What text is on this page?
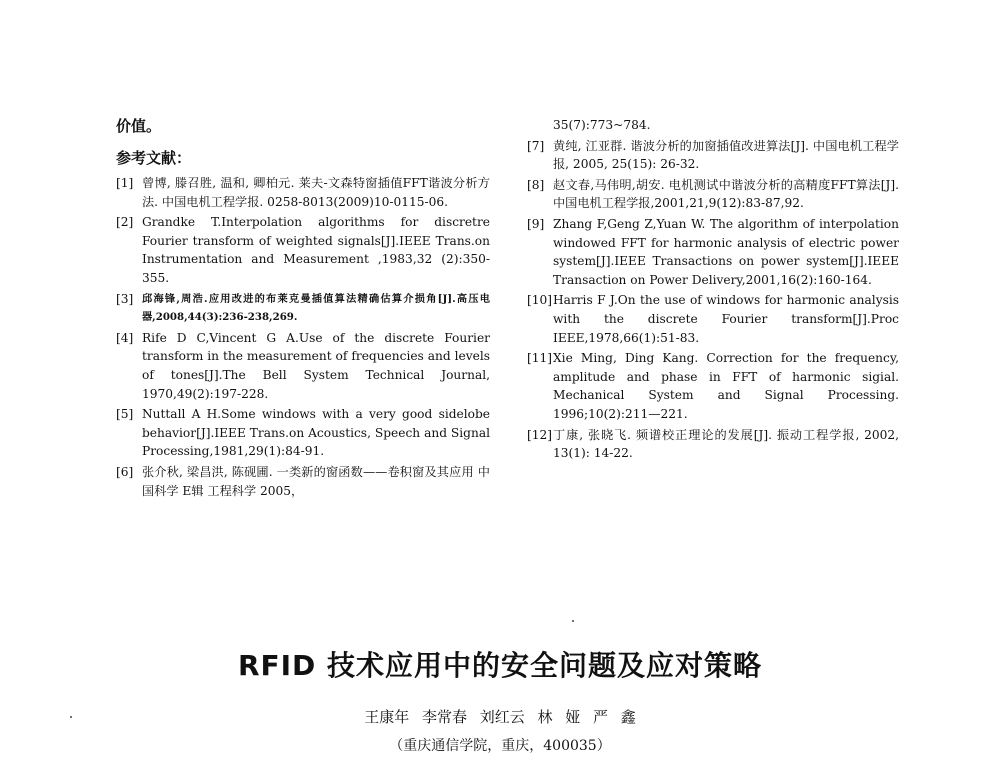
价值。
参考文献：
[1] 曾博, 滕召胜, 温和, 卿柏元. 莱夫-文森特窗插值FFT谐波分析方法. 中国电机工程学报. 0258-8013(2009)10-0115-06.
[2] Grandke T.Interpolation algorithms for discretre Fourier transform of weighted signals[J].IEEE Trans.on Instrumentation and Measurement ,1983,32 (2):350-355.
[3] 邱海锋,周浩.应用改进的布莱克曼插值算法精确估算介损角[J].高压电器,2008,44(3):236-238,269.
[4] Rife D C,Vincent G A.Use of the discrete Fourier transform in the measurement of frequencies and levels of tones[J].The Bell System Technical Journal, 1970,49(2):197-228.
[5] Nuttall A H.Some windows with a very good sidelobe behavior[J].IEEE Trans.on Acoustics, Speech and Signal Processing,1981,29(1):84-91.
[6] 张介秋, 梁昌洪, 陈砚圃. 一类新的窗函数——卷积窗及其应用 中国科学 E辑 工程科学 2005，
35(7):773~784.
[7] 黄纯, 江亚群. 谐波分析的加窗插值改进算法[J]. 中国电机工程学报, 2005, 25(15): 26-32.
[8] 赵文春,马伟明,胡安. 电机测试中谐波分析的高精度FFT算法[J]. 中国电机工程学报,2001,21,9(12):83-87,92.
[9] Zhang F,Geng Z,Yuan W. The algorithm of interpolation windowed FFT for harmonic analysis of electric power system[J].IEEE Transactions on power system[J].IEEE Transaction on Power Delivery,2001,16(2):160-164.
[10] Harris F J.On the use of windows for harmonic analysis with the discrete Fourier transform[J].Proc IEEE,1978,66(1):51-83.
[11] Xie Ming, Ding Kang. Correction for the frequency, amplitude and phase in FFT of harmonic sigial. Mechanical System and Signal Processing. 1996;10(2):211—221.
[12] 丁康, 张晓飞. 频谱校正理论的发展[J]. 振动工程学报, 2002, 13(1): 14-22.
RFID 技术应用中的安全问题及应对策略
王康年 李常春 刘红云 林 娅 严 鑫
（重庆通信学院，重庆，400035）
